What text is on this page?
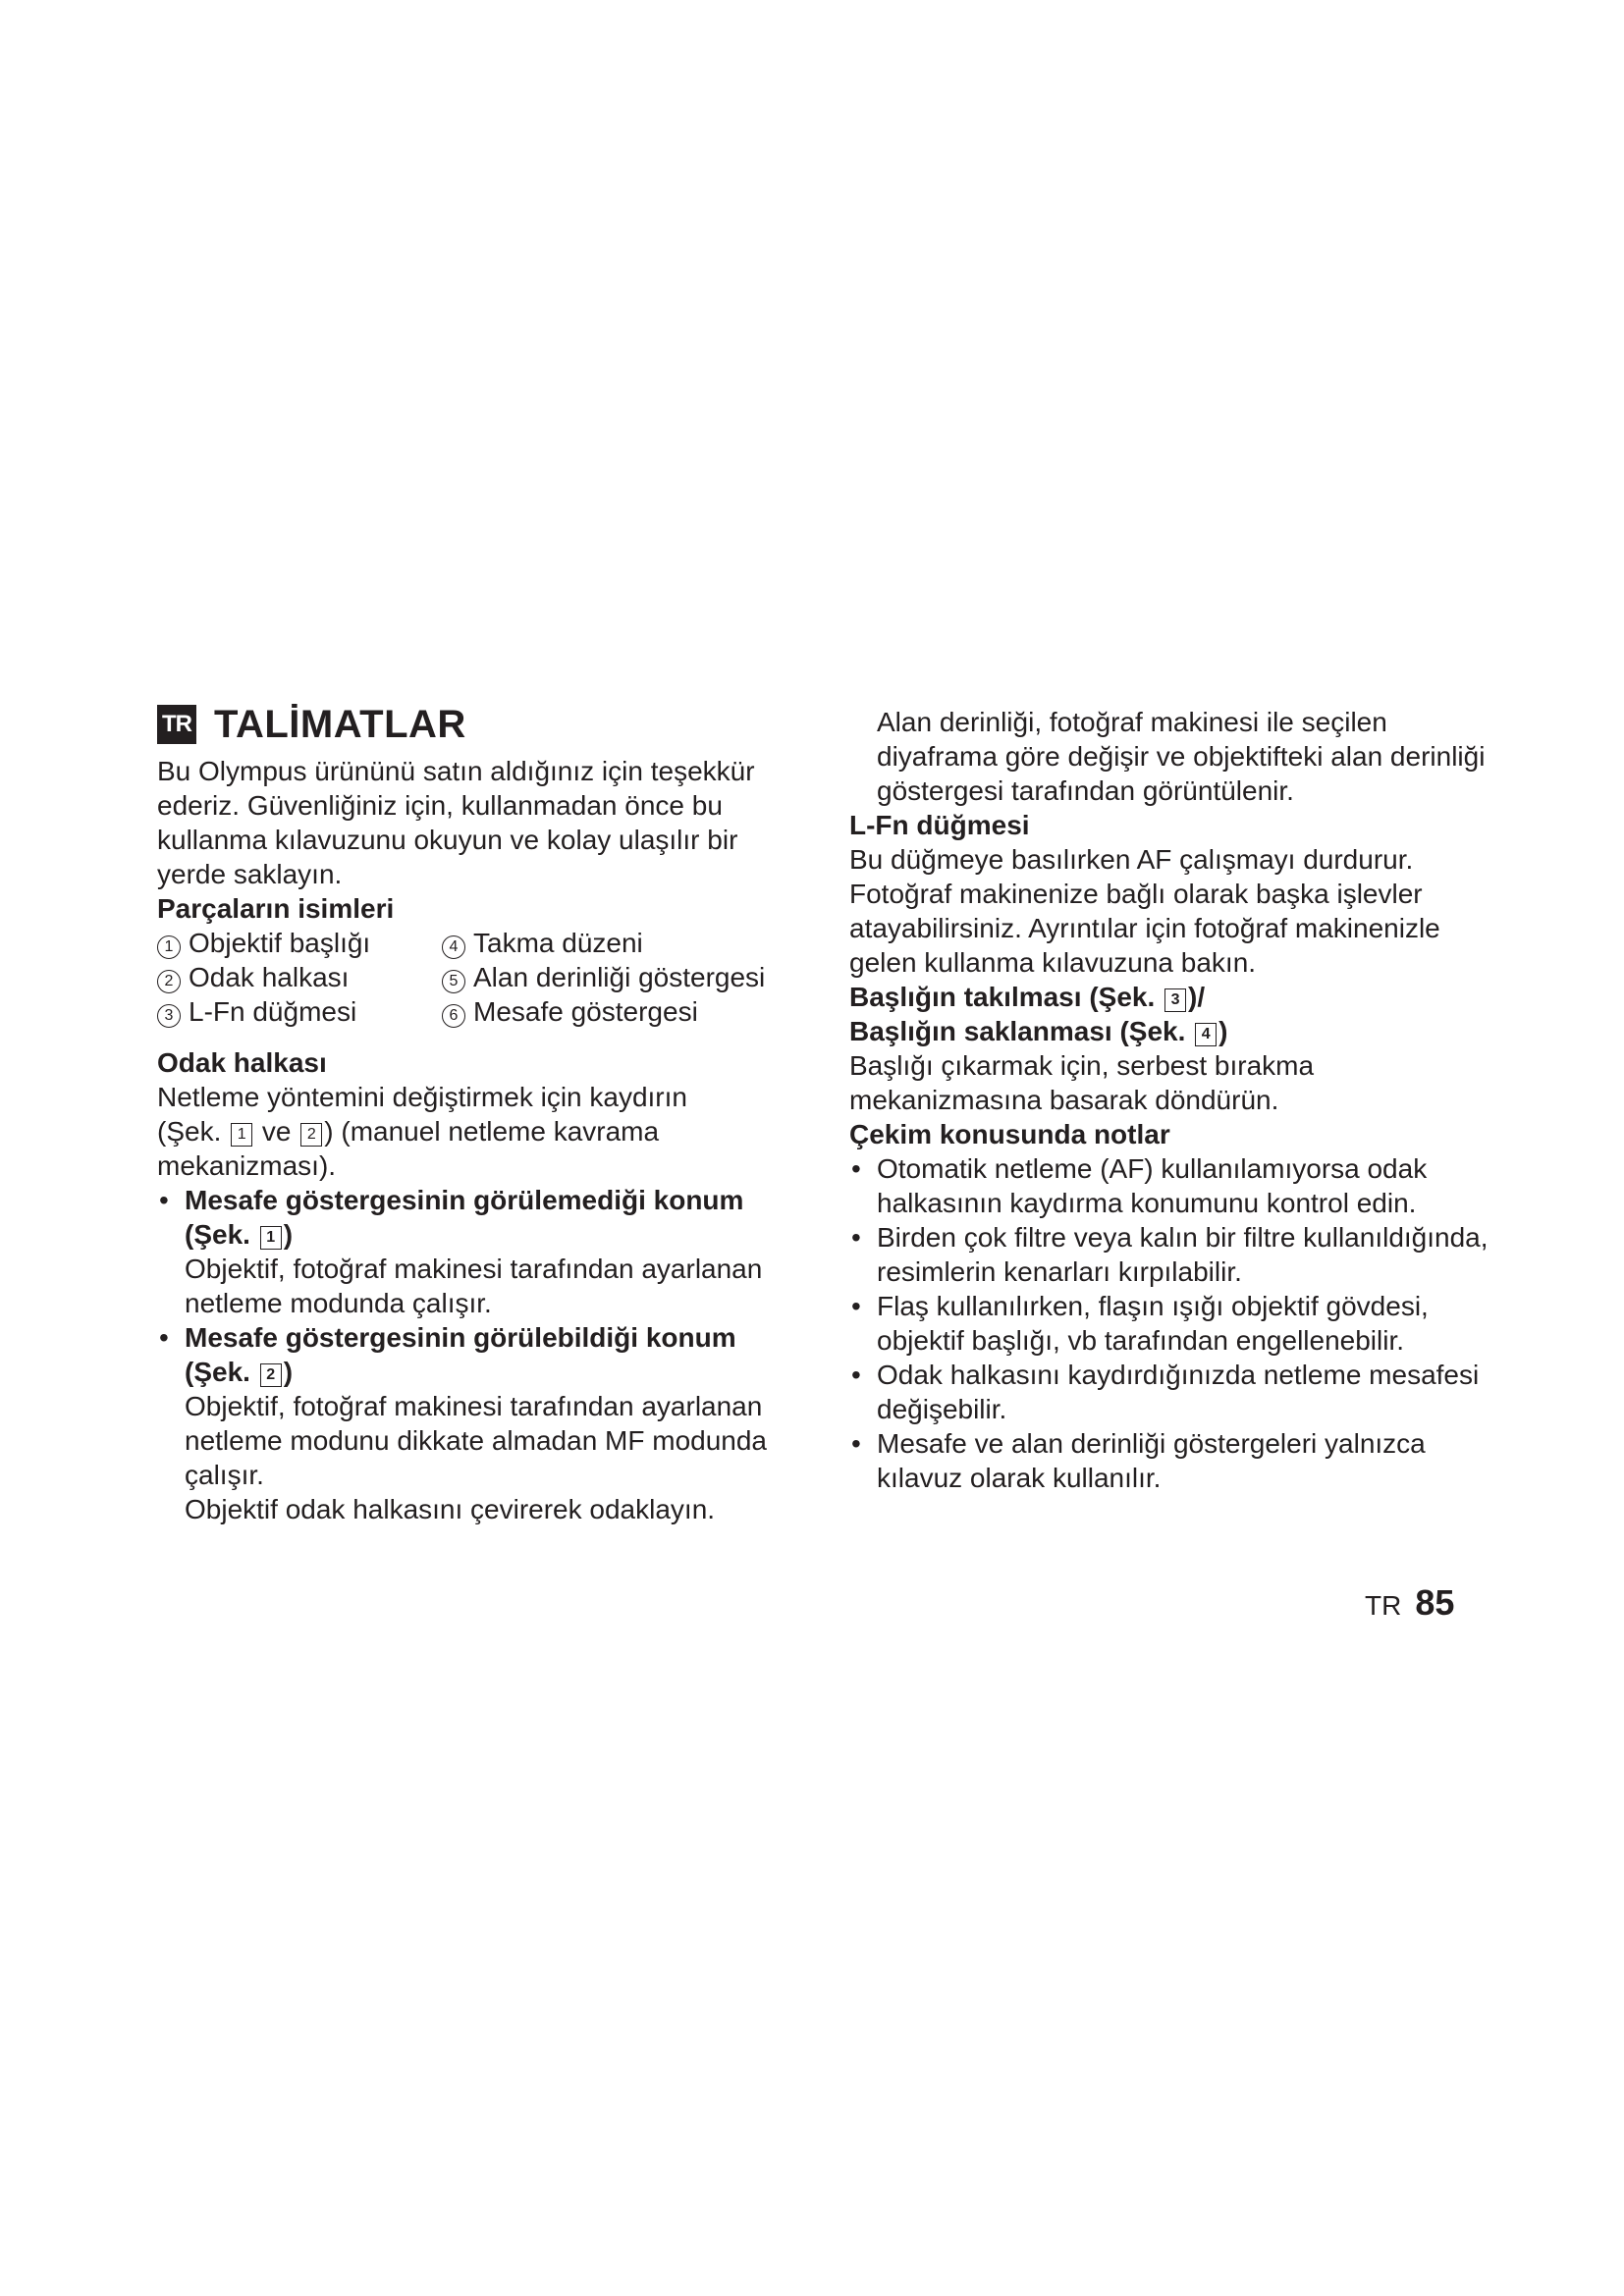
TR TALİMATLAR

Bu Olympus ürününü satın aldığınız için teşekkür ederiz. Güvenliğiniz için, kullanmadan önce bu kullanma kılavuzunu okuyun ve kolay ulaşılır bir yerde saklayın.

Parçaların isimleri

1 Objektif başlığı	4 Takma düzeni
2 Odak halkası	5 Alan derinliği göstergesi
3 L-Fn düğmesi	6 Mesafe göstergesi

Odak halkası

Netleme yöntemini değiştirmek için kaydırın
(Şek. 1 ve 2 ) (manuel netleme kavrama
mekanizması).

• Mesafe göstergesinin görülemediği konum
(Şek. 1 )
Objektif, fotoğraf makinesi tarafından ayarlanan netleme modunda çalışır.
• Mesafe göstergesinin görülebildiği konum
(Şek. 2 )
Objektif, fotoğraf makinesi tarafından ayarlanan netleme modunu dikkate almadan MF modunda çalışır.
Objektif odak halkasını çevirerek odaklayın.

Alan derinliği, fotoğraf makinesi ile seçilen diyaframa göre değişir ve objektifteki alan derinliği göstergesi tarafından görüntülenir.

L-Fn düğmesi

Bu düğmeye basılırken AF çalışmayı durdurur. Fotoğraf makinenize bağlı olarak başka işlevler atayabilirsiniz. Ayrıntılar için fotoğraf makinenizle gelen kullanma kılavuzuna bakın.

Başlığın takılması (Şek. 3 )/
Başlığın saklanması (Şek. 4 )

Başlığı çıkarmak için, serbest bırakma mekanizmasına basarak döndürün.

Çekim konusunda notlar

• Otomatik netleme (AF) kullanılamıyorsa odak halkasının kaydırma konumunu kontrol edin.
• Birden çok filtre veya kalın bir filtre kullanıldığında, resimlerin kenarları kırpılabilir.
• Flaş kullanılırken, flaşın ışığı objektif gövdesi, objektif başlığı, vb tarafından engellenebilir.
• Odak halkasını kaydırdığınızda netleme mesafesi değişebilir.
• Mesafe ve alan derinliği göstergeleri yalnızca kılavuz olarak kullanılır.
TR 85
